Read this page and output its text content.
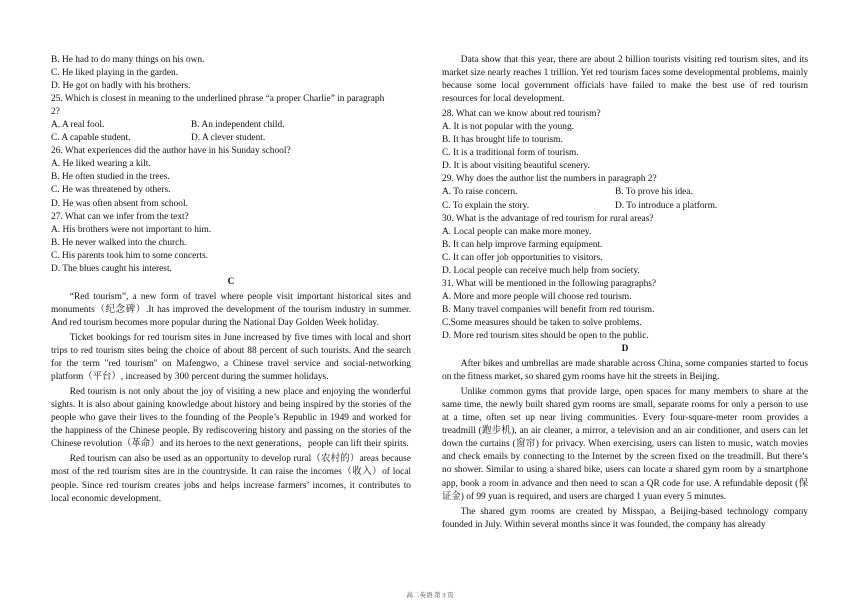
B. He had to do many things on his own.
C. He liked playing in the garden.
D. He got on badly with his brothers.
25. Which is closest in meaning to the underlined phrase “a proper Charlie” in paragraph 2?
A. A real fool.	B. An independent child.
C. A capable student.	D. A clever student.
26. What experiences did the author have in his Sunday school?
A. He liked wearing a kilt.
B. He often studied in the trees.
C. He was threatened by others.
D. He was often absent from school.
27. What can we infer from the text?
A. His brothers were not important to him.
B. He never walked into the church.
C. His parents took him to some concerts.
D. The blues caught his interest.
C
“Red tourism”, a new form of travel where people visit important historical sites and monuments（纪念碑）.It has improved the development of the tourism industry in summer. And red tourism becomes more popular during the National Day Golden Week holiday.
Ticket bookings for red tourism sites in June increased by five times with local and short trips to red tourism sites being the choice of about 88 percent of such tourists. And the search for the term "red tourism" on Mafengwo, a Chinese travel service and social-networking platform（平台）, increased by 300 percent during the summer holidays.
Red tourism is not only about the joy of visiting a new place and enjoying the wonderful sights. It is also about gaining knowledge about history and being inspired by the stories of the people who gave their lives to the founding of the People’s Republic in 1949 and worked for the happiness of the Chinese people. By rediscovering history and passing on the stories of the Chinese revolution（革命）and its heroes to the next generations，people can lift their spirits.
Red tourism can also be used as an opportunity to develop rural（农村的）areas because most of the red tourism sites are in the countryside. It can raise the incomes（收入）of local people. Since red tourism creates jobs and helps increase farmers’ incomes, it contributes to local economic development.
Data show that this year, there are about 2 billion tourists visiting red tourism sites, and its market size nearly reaches 1 trillion. Yet red tourism faces some developmental problems, mainly because some local government officials have failed to make the best use of red tourism resources for local development.
28. What can we know about red tourism?
A. It is not popular with the young.
B. It has brought life to tourism.
C. It is a traditional form of tourism.
D. It is about visiting beautiful scenery.
29. Why does the author list the numbers in paragraph 2?
A. To raise concern.	B. To prove his idea.
C. To explain the story.	D. To introduce a platform.
30. What is the advantage of red tourism for rural areas?
A. Local people can make more money.
B. It can help improve farming equipment.
C. It can offer job opportunities to visitors.
D. Local people can receive much help from society.
31. What will be mentioned in the following paragraphs?
A. More and more people will choose red tourism.
B. Many travel companies will benefit from red tourism.
C.Some measures should be taken to solve problems.
D. More red tourism sites should be open to the public.
D
After bikes and umbrellas are made sharable across China, some companies started to focus on the fitness market, so shared gym rooms have hit the streets in Beijing.
Unlike common gyms that provide large, open spaces for many members to share at the same time, the newly built shared gym rooms are small, separate rooms for only a person to use at a time, often set up near living communities. Every four-square-meter room provides a treadmill (跑步机), an air cleaner, a mirror, a television and an air conditioner, and users can let down the curtains (窗帘) for privacy. When exercising, users can listen to music, watch movies and check emails by connecting to the Internet by the screen fixed on the treadmill. But there’s no shower. Similar to using a shared bike, users can locate a shared gym room by a smartphone app, book a room in advance and then need to scan a QR code for use. A refundable deposit (保证金) of 99 yuan is required, and users are charged 1 yuan every 5 minutes.
The shared gym rooms are created by Misspao, a Beijing-based technology company founded in July. Within several months since it was founded, the company has already
高二英语 第 3 页
